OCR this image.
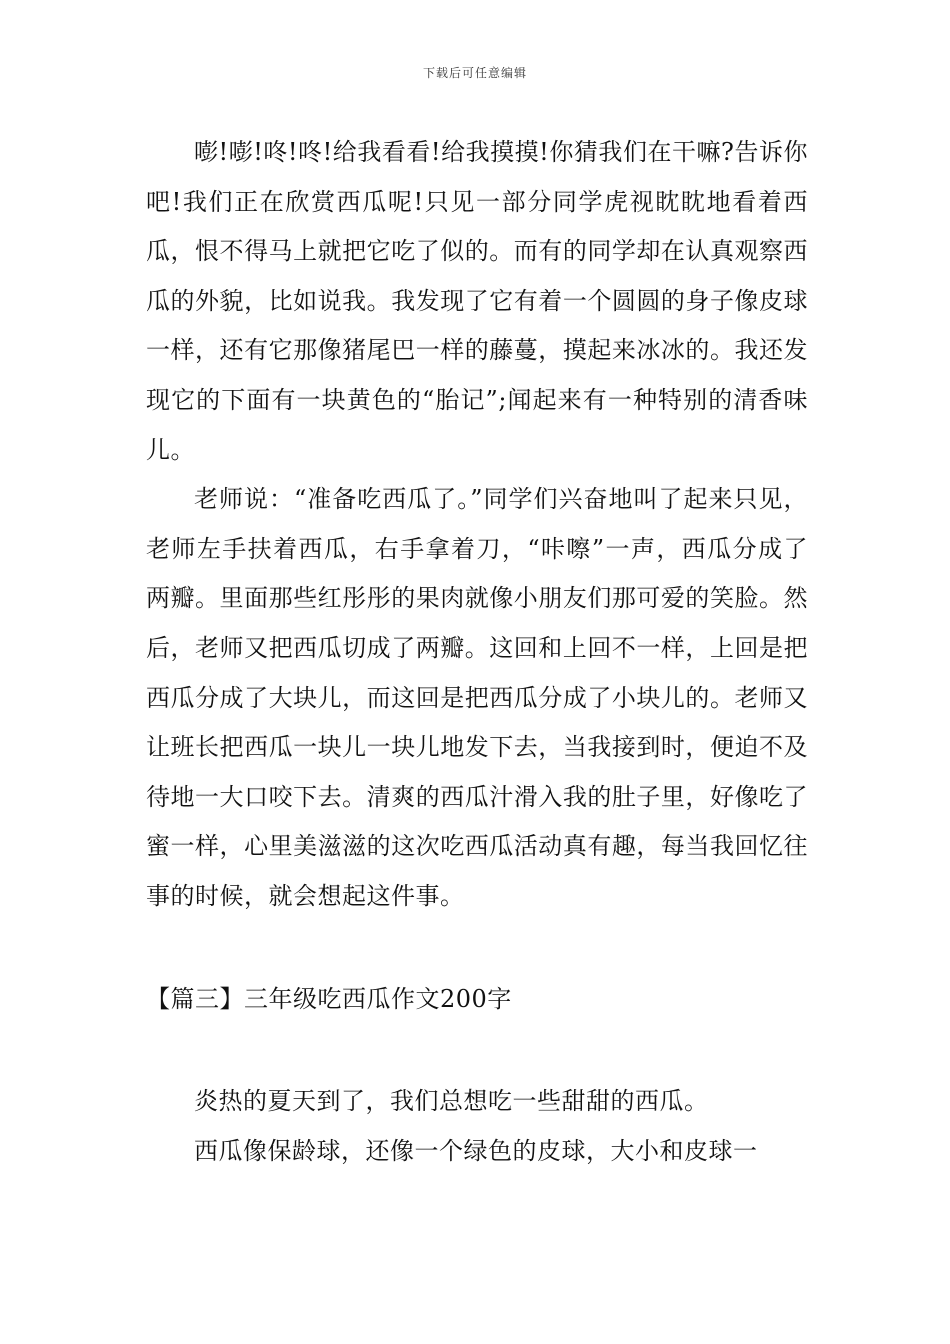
下载后可任意编辑

嘭!嘭!咚!咚!给我看看!给我摸摸!你猜我们在干嘛?告诉你吧!我们正在欣赏西瓜呢!只见一部分同学虎视眈眈地看着西瓜，恨不得马上就把它吃了似的。而有的同学却在认真观察西瓜的外貌，比如说我。我发现了它有着一个圆圆的身子像皮球一样，还有它那像猪尾巴一样的藤蔓，摸起来冰冰的。我还发现它的下面有一块黄色的“胎记”;闻起来有一种特别的清香味儿。

老师说：“准备吃西瓜了。”同学们兴奋地叫了起来只见，老师左手扶着西瓜，右手拿着刀，“咔嚓”一声，西瓜分成了两瓣。里面那些红彤彤的果肉就像小朋友们那可爱的笑脸。然后，老师又把西瓜切成了两瓣。这回和上回不一样，上回是把西瓜分成了大块儿，而这回是把西瓜分成了小块儿的。老师又让班长把西瓜一块儿一块儿地发下去，当我接到时，便迫不及待地一大口咬下去。清爽的西瓜汁滑入我的肚子里，好像吃了蜜一样，心里美滋滋的这次吃西瓜活动真有趣，每当我回忆往事的时候，就会想起这件事。

【篇三】三年级吃西瓜作文200字

炎热的夏天到了，我们总想吃一些甜甜的西瓜。

西瓜像保龄球，还像一个绿色的皮球，大小和皮球一
